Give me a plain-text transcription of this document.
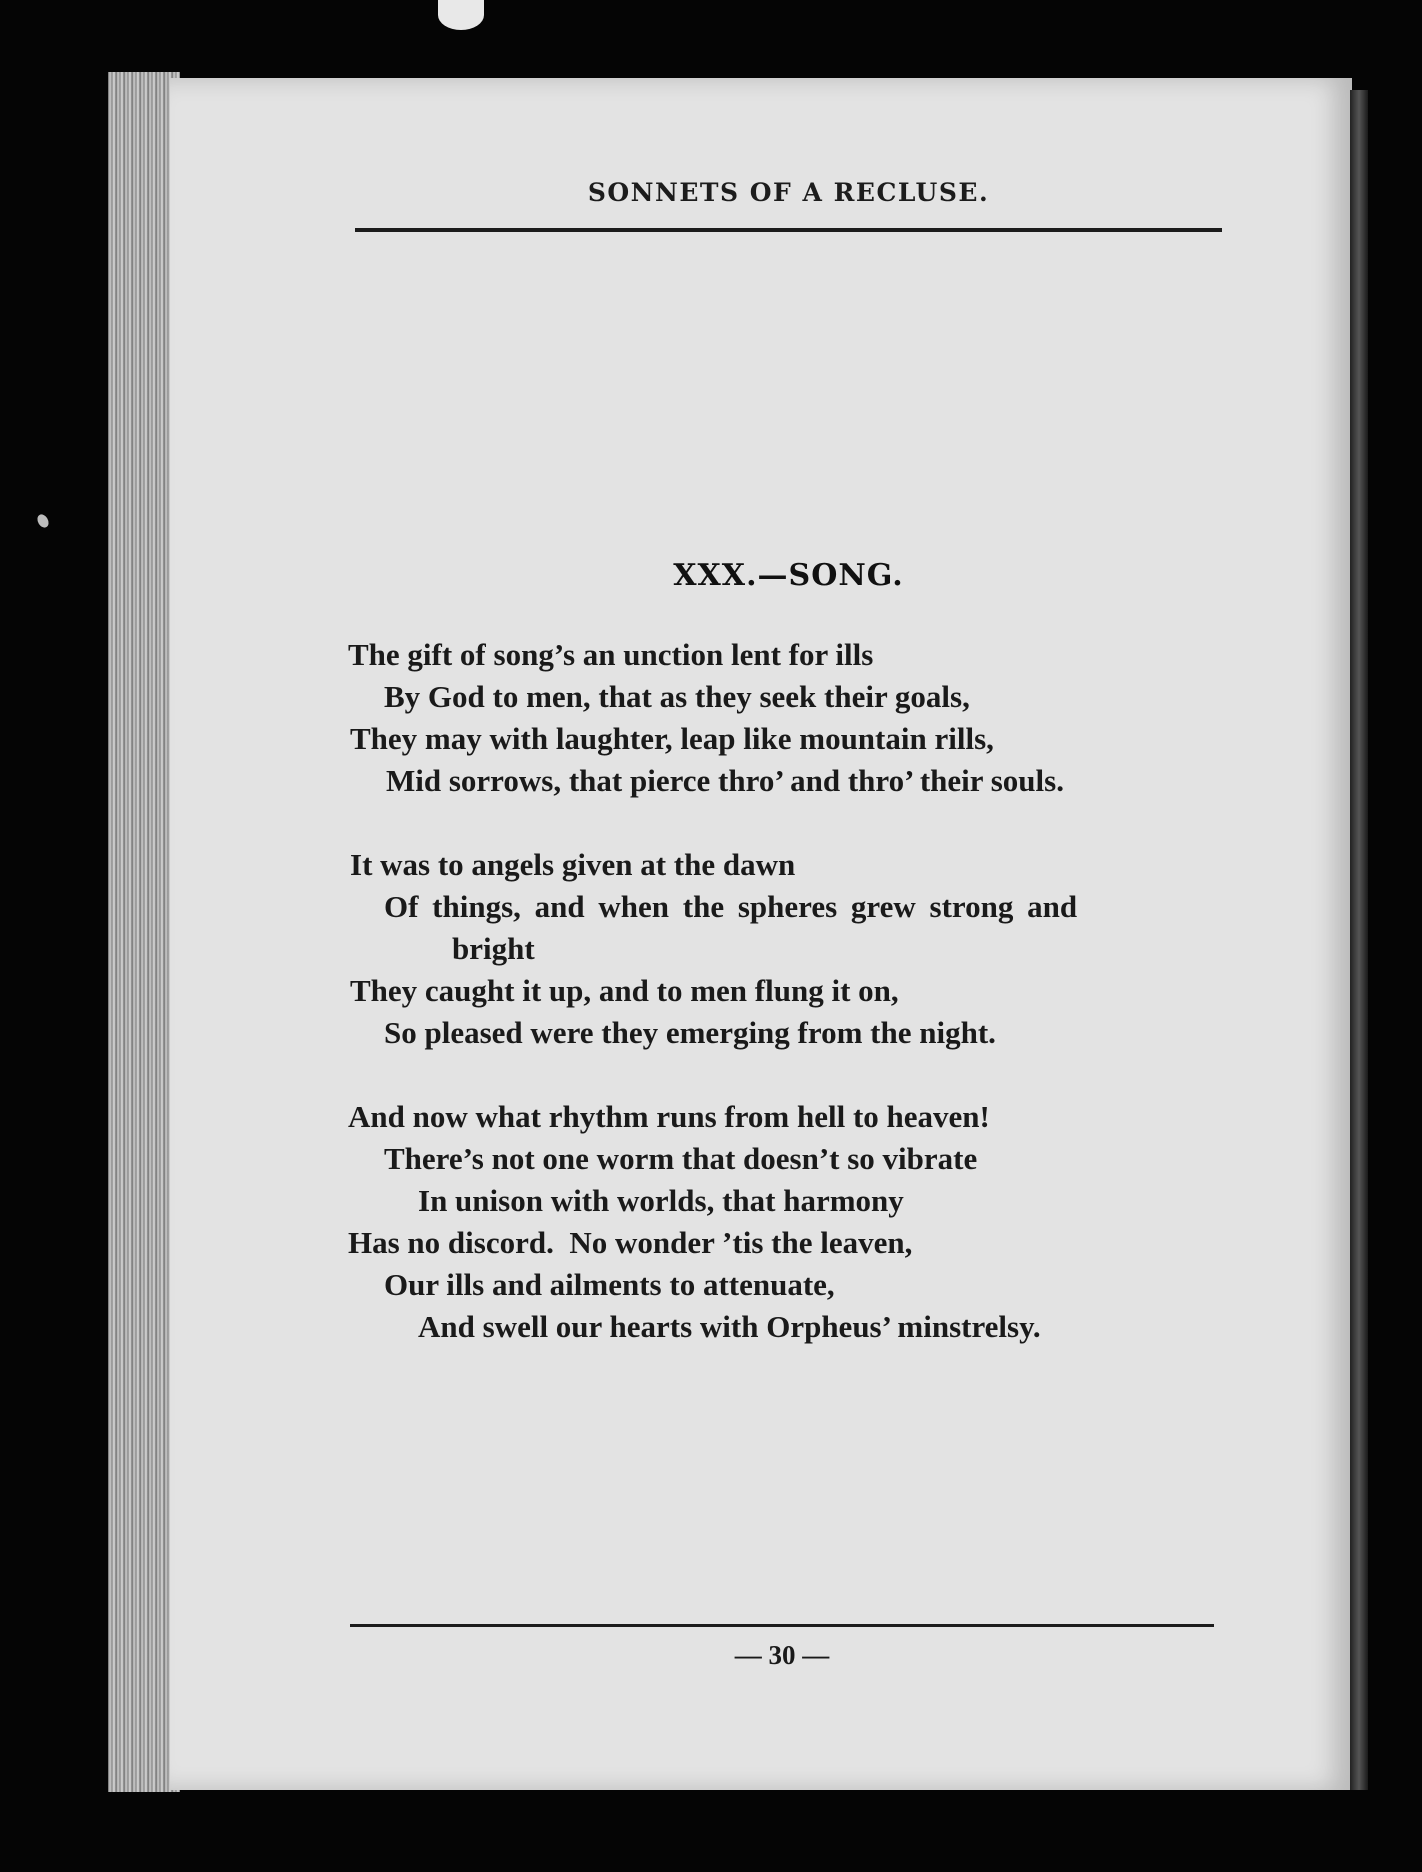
SONNETS OF A RECLUSE.
XXX.—SONG.
The gift of song’s an unction lent for ills
By God to men, that as they seek their goals,
They may with laughter, leap like mountain rills,
Mid sorrows, that pierce thro’ and thro’ their souls.
It was to angels given at the dawn
Of things, and when the spheres grew strong and
bright
They caught it up, and to men flung it on,
So pleased were they emerging from the night.
And now what rhythm runs from hell to heaven!
There’s not one worm that doesn’t so vibrate
In unison with worlds, that harmony
Has no discord.  No wonder ’tis the leaven,
Our ills and ailments to attenuate,
And swell our hearts with Orpheus’ minstrelsy.
— 30 —
